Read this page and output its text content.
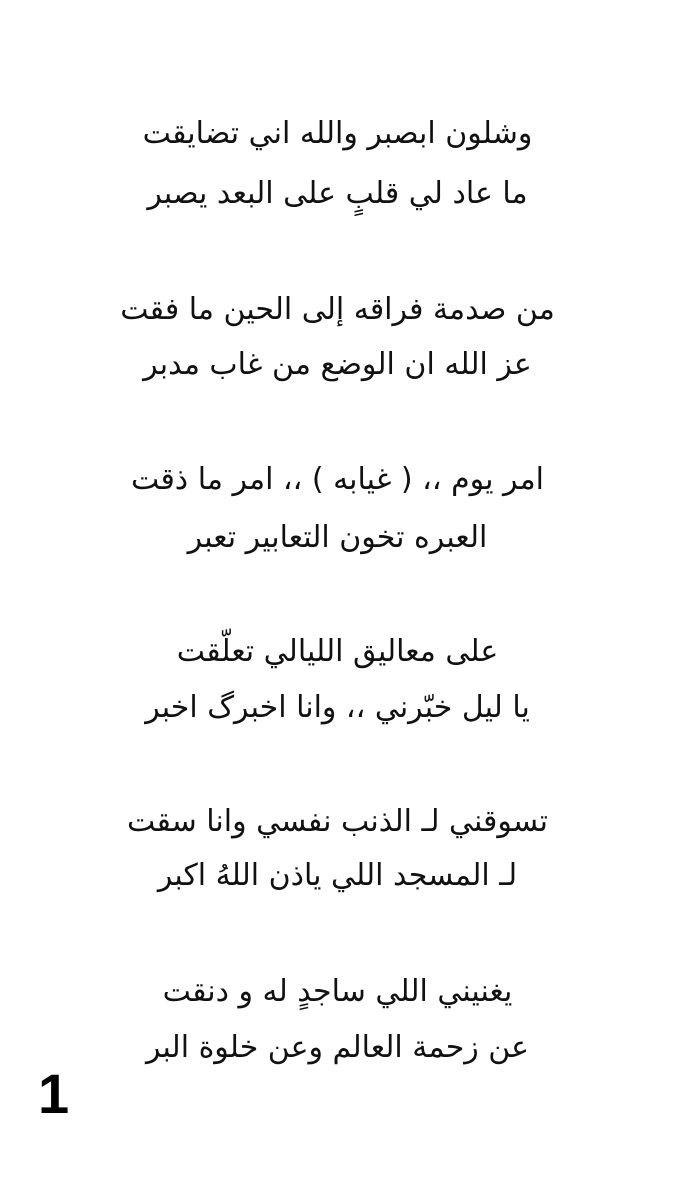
وشلون ابصبر والله اني تضايقت
ما عاد لي قلبٍ على البعد يصبر
من صدمة فراقه إلى الحين ما فقت
عز الله ان الوضع من غاب مدبر
امر يوم ،، ( غيابه ) ،، امر ما ذقت
العبره تخون التعابير تعبر
على معاليق الليالي تعلّقت
يا ليل خبّرني ،، وانا اخبرگ اخبر
تسوقني لـ الذنب نفسي وانا سقت
لـ المسجد اللي ياذن اللهُ اكبر
يغنيني اللي ساجدٍ له و دنقت
عن زحمة العالم وعن خلوة البر
1
